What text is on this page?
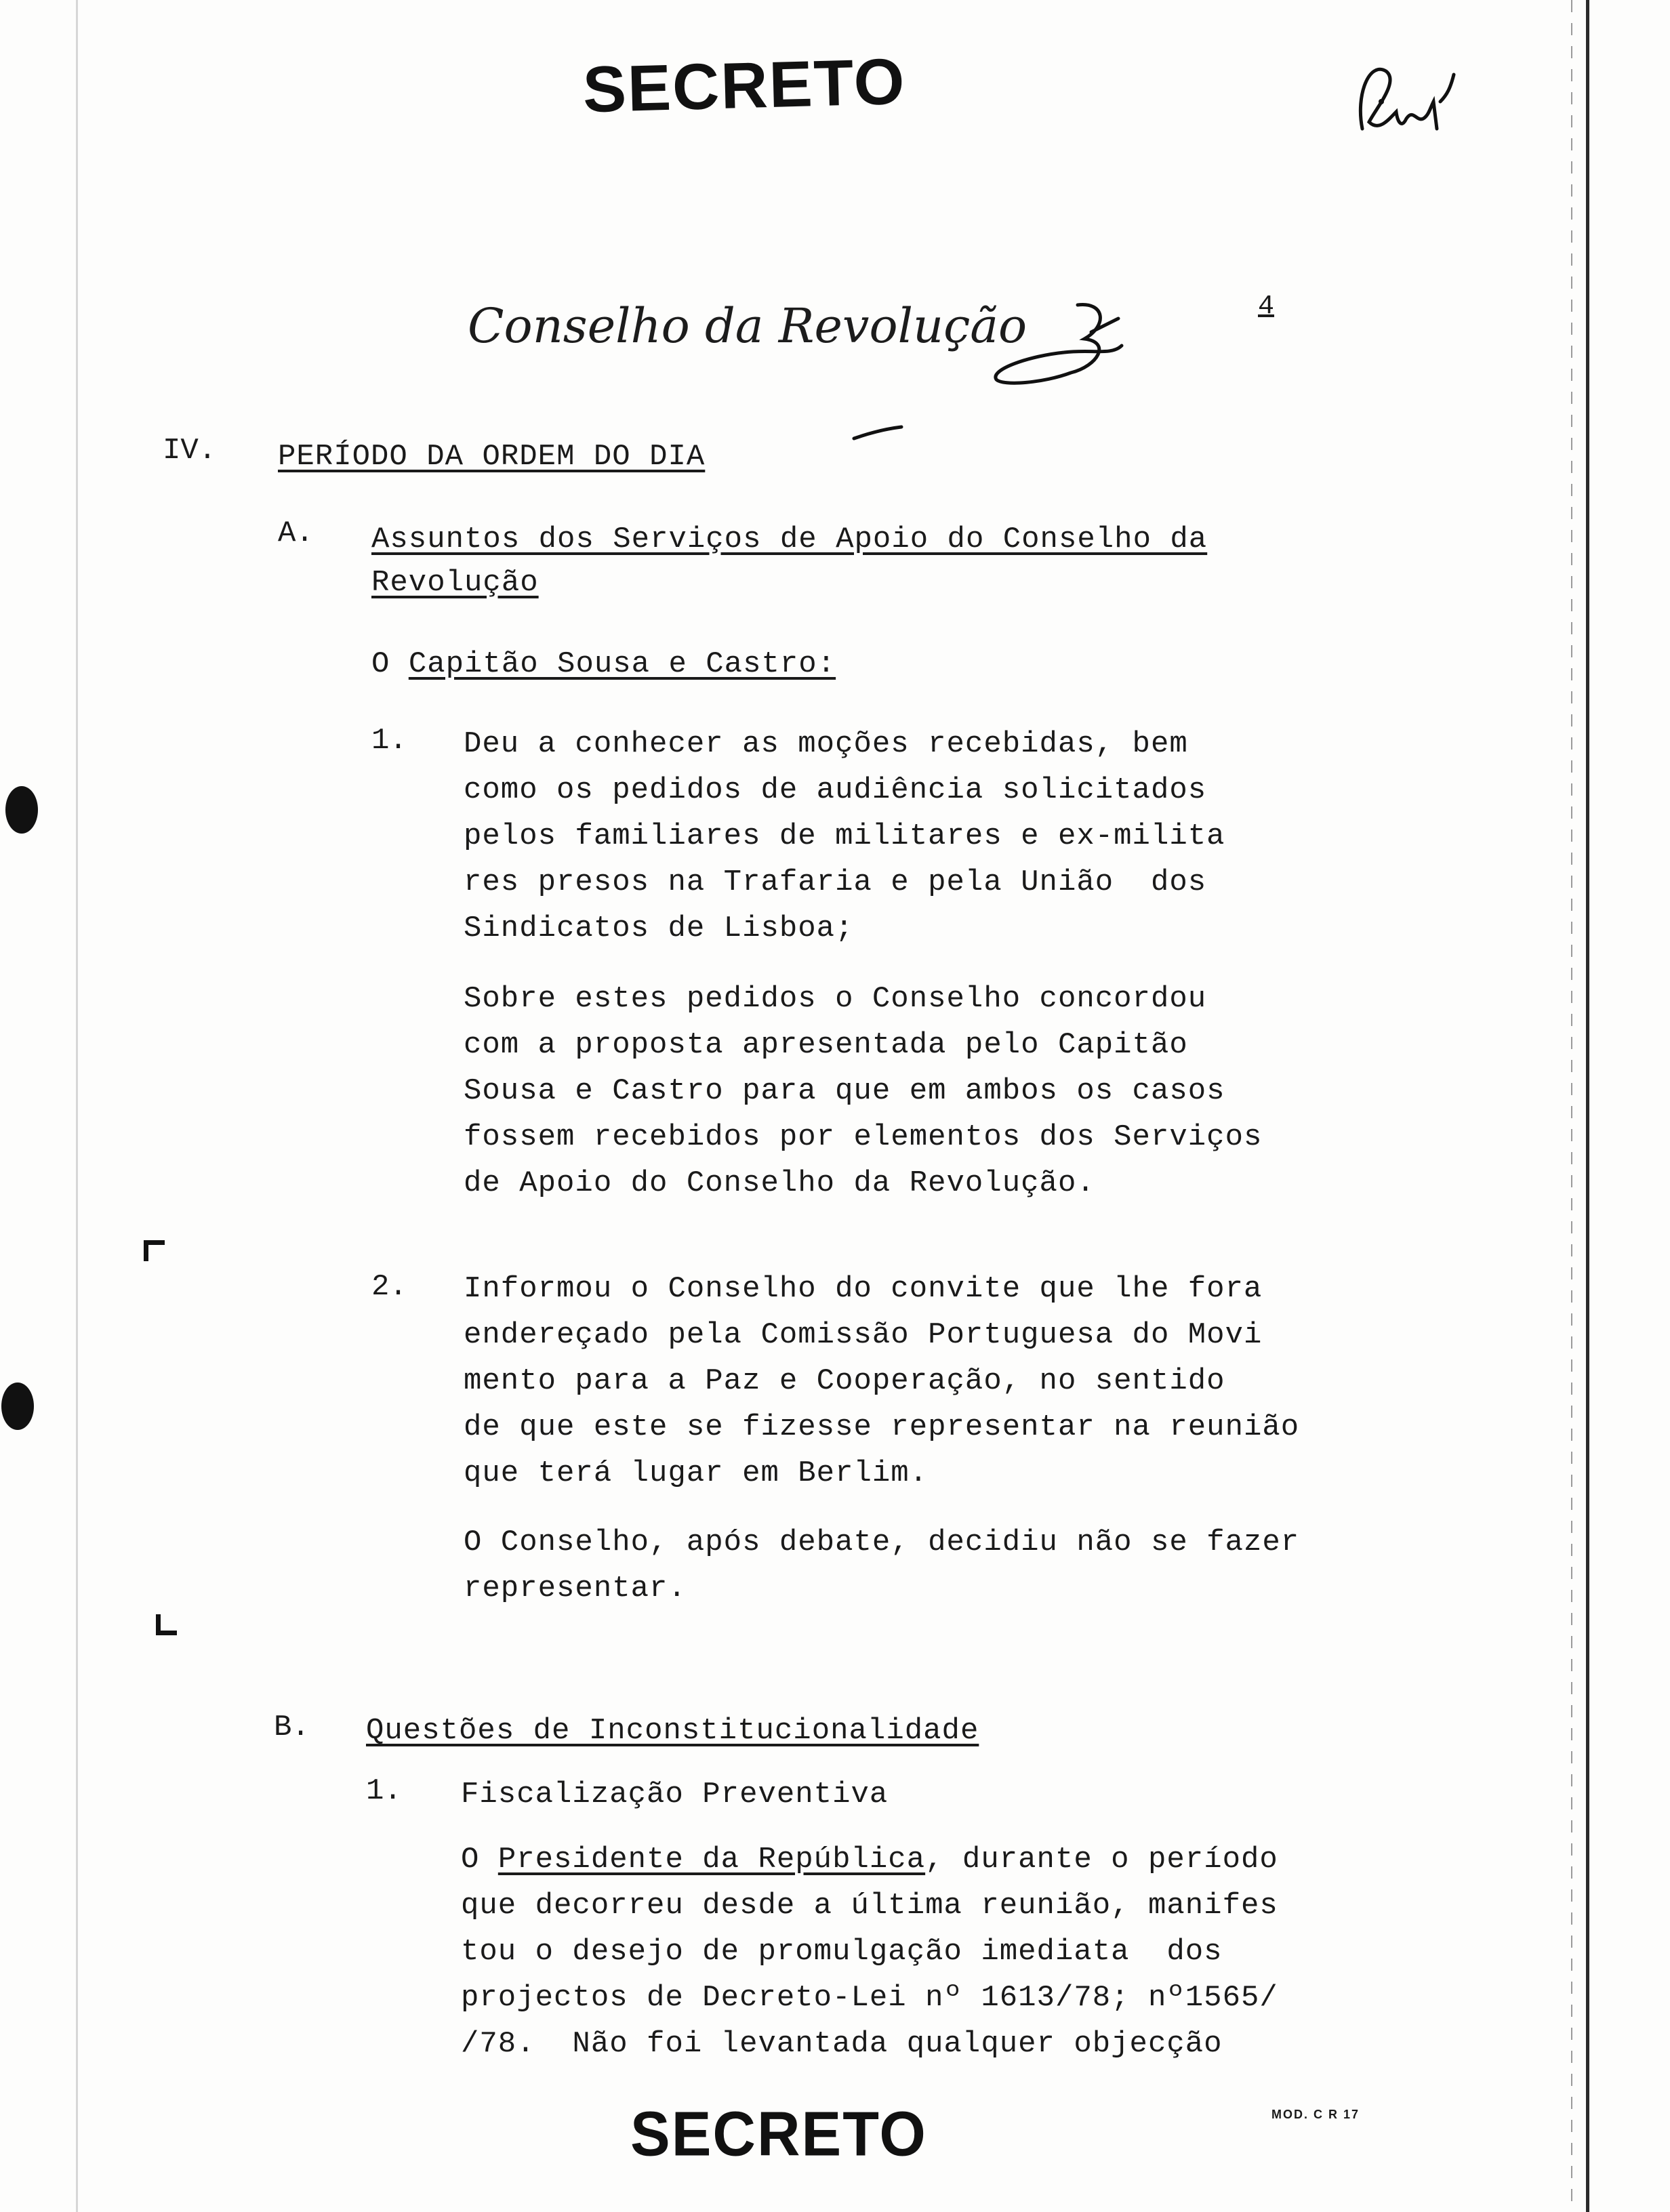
SECRETO
Conselho da Revolução	4
IV. PERÍODO DA ORDEM DO DIA
A. Assuntos dos Serviços de Apoio do Conselho da
Revolução
O Capitão Sousa e Castro:
1. Deu a conhecer as moções recebidas, bem
como os pedidos de audiência solicitados
pelos familiares de militares e ex-milita
res presos na Trafaria e pela União  dos
Sindicatos de Lisboa;
Sobre estes pedidos o Conselho concordou
com a proposta apresentada pelo Capitão
Sousa e Castro para que em ambos os casos
fossem recebidos por elementos dos Serviços
de Apoio do Conselho da Revolução.
2. Informou o Conselho do convite que lhe fora
endereçado pela Comissão Portuguesa do Movi
mento para a Paz e Cooperação, no sentido
de que este se fizesse representar na reunião
que terá lugar em Berlim.
O Conselho, após debate, decidiu não se fazer
representar.
B. Questões de Inconstitucionalidade
1. Fiscalização Preventiva
O Presidente da República, durante o período
que decorreu desde a última reunião, manifes
tou o desejo de promulgação imediata  dos
projectos de Decreto-Lei nº 1613/78; nº1565/
/78.  Não foi levantada qualquer objecção
SECRETO	MOD. C R 17
